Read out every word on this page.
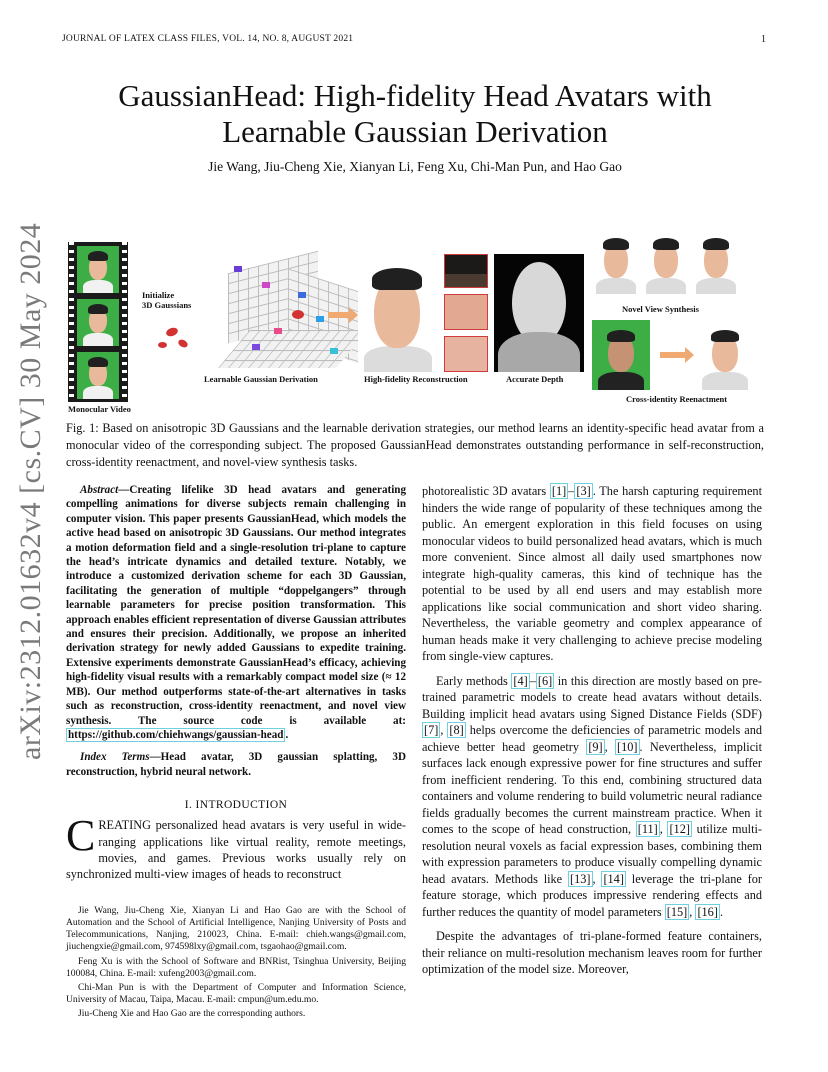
JOURNAL OF LATEX CLASS FILES, VOL. 14, NO. 8, AUGUST 2021	1
arXiv:2312.01632v4 [cs.CV] 30 May 2024
GaussianHead: High-fidelity Head Avatars with
Learnable Gaussian Derivation
Jie Wang, Jiu-Cheng Xie, Xianyan Li, Feng Xu, Chi-Man Pun, and Hao Gao
Monocular Video
Initialize
3D Gaussians
Learnable Gaussian Derivation	High-fidelity Reconstruction	Accurate Depth
Novel View Synthesis
Cross-identity Reenactment
Fig. 1: Based on anisotropic 3D Gaussians and the learnable derivation strategies, our method learns an identity-specific head avatar from a monocular video of the corresponding subject. The proposed GaussianHead demonstrates outstanding performance in self-reconstruction, cross-identity reenactment, and novel-view synthesis tasks.
Abstract—Creating lifelike 3D head avatars and generating compelling animations for diverse subjects remain challenging in computer vision. This paper presents GaussianHead, which models the active head based on anisotropic 3D Gaussians. Our method integrates a motion deformation field and a single-resolution tri-plane to capture the head’s intricate dynamics and detailed texture. Notably, we introduce a customized derivation scheme for each 3D Gaussian, facilitating the generation of multiple “doppelgangers” through learnable parameters for precise position transformation. This approach enables efficient representation of diverse Gaussian attributes and ensures their precision. Additionally, we propose an inherited derivation strategy for newly added Gaussians to expedite training. Extensive experiments demonstrate GaussianHead’s efficacy, achieving high-fidelity visual results with a remarkably compact model size (≈ 12 MB). Our method outperforms state-of-the-art alternatives in tasks such as reconstruction, cross-identity reenactment, and novel view synthesis. The source code is available at: https://github.com/chiehwangs/gaussian-head .
Index Terms—Head avatar, 3D gaussian splatting, 3D reconstruction, hybrid neural network.
I. INTRODUCTION
CREATING personalized head avatars is very useful in wide-ranging applications like virtual reality, remote meetings, movies, and games. Previous works usually rely on synchronized multi-view images of heads to reconstruct

Jie Wang, Jiu-Cheng Xie, Xianyan Li and Hao Gao are with the School of Automation and the School of Artificial Intelligence, Nanjing University of Posts and Telecommunications, Nanjing, 210023, China. E-mail: chieh.wangs@gmail.com, jiuchengxie@gmail.com, 974598lxy@gmail.com, tsgaohao@gmail.com.

Feng Xu is with the School of Software and BNRist, Tsinghua University, Beijing 100084, China. E-mail: xufeng2003@gmail.com.

Chi-Man Pun is with the Department of Computer and Information Science, University of Macau, Taipa, Macau. E-mail: cmpun@um.edu.mo.

Jiu-Cheng Xie and Hao Gao are the corresponding authors.

photorealistic 3D avatars [1] – [3] . The harsh capturing requirement hinders the wide range of popularity of these techniques among the public. An emergent exploration in this field focuses on using monocular videos to build personalized head avatars, which is much more convenient. Since almost all daily used smartphones now integrate high-quality cameras, this kind of technique has the potential to be used by all end users and may establish more applications like social communication and short video sharing. Nevertheless, the variable geometry and complex appearance of human heads make it very challenging to achieve precise modeling from single-view captures.

Early methods [4] – [6] in this direction are mostly based on pre-trained parametric models to create head avatars without details. Building implicit head avatars using Signed Distance Fields (SDF) [7] , [8] helps overcome the deficiencies of parametric models and achieve better head geometry [9] , [10] . Nevertheless, implicit surfaces lack enough expressive power for fine structures and suffer from inefficient rendering. To this end, combining structured data containers and volume rendering to build volumetric neural radiance fields gradually becomes the current mainstream practice. When it comes to the scope of head construction, [11] , [12] utilize multi-resolution neural voxels as facial expression bases, combining them with expression parameters to produce visually compelling dynamic head avatars. Methods like [13] , [14] leverage the tri-plane for feature storage, which produces impressive rendering effects and further reduces the quantity of model parameters [15] , [16] .

Despite the advantages of tri-plane-formed feature containers, their reliance on multi-resolution mechanism leaves room for further optimization of the model size. Moreover,
